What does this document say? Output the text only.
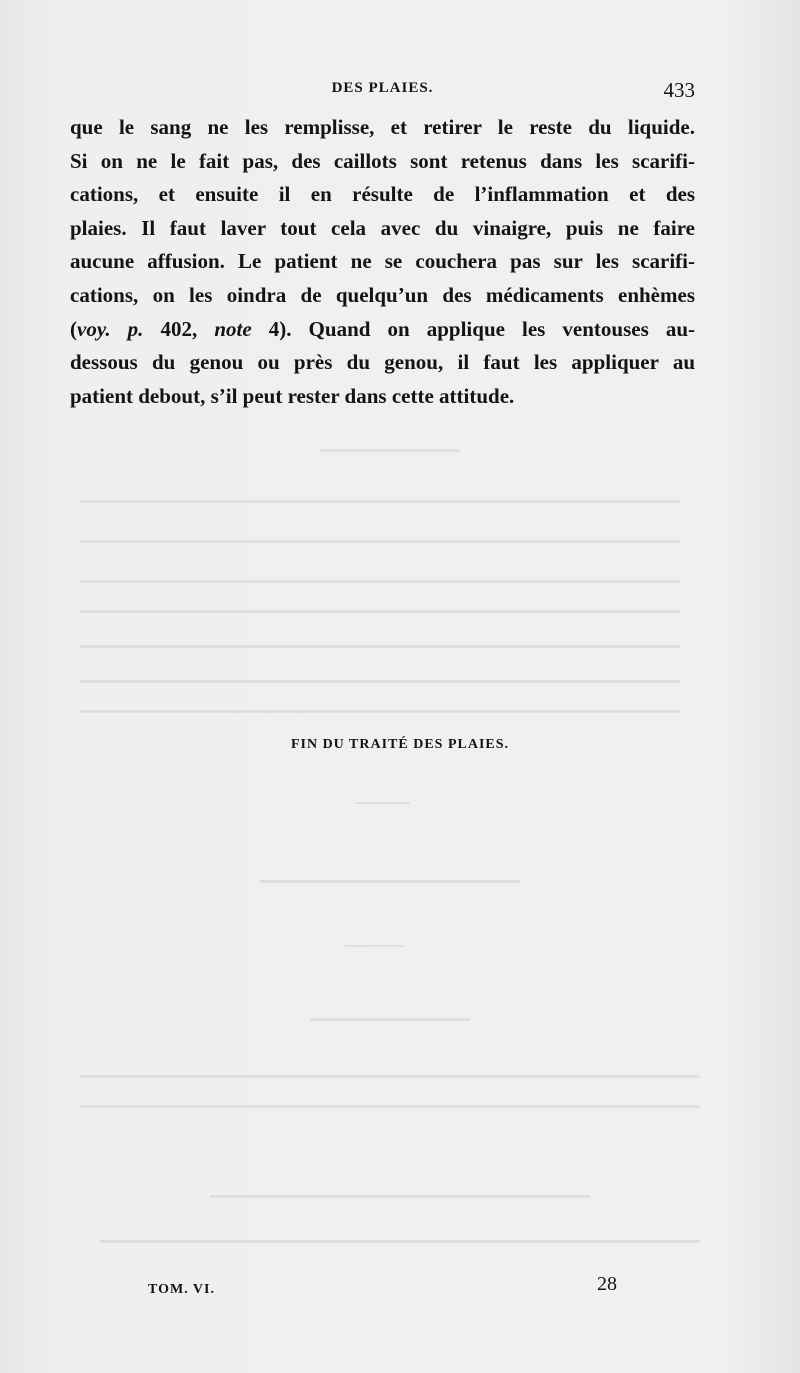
DES PLAIES.	433
que le sang ne les remplisse, et retirer le reste du liquide.
Si on ne le fait pas, des caillots sont retenus dans les scarifi-
cations, et ensuite il en résulte de l’inflammation et des
plaies. Il faut laver tout cela avec du vinaigre, puis ne faire
aucune affusion. Le patient ne se couchera pas sur les scarifi-
cations, on les oindra de quelqu’un des médicaments enhèmes
(voy. p. 402, note 4). Quand on applique les ventouses au-
dessous du genou ou près du genou, il faut les appliquer au
patient debout, s’il peut rester dans cette attitude.
FIN DU TRAITÉ DES PLAIES.
TOM. VI.	28
